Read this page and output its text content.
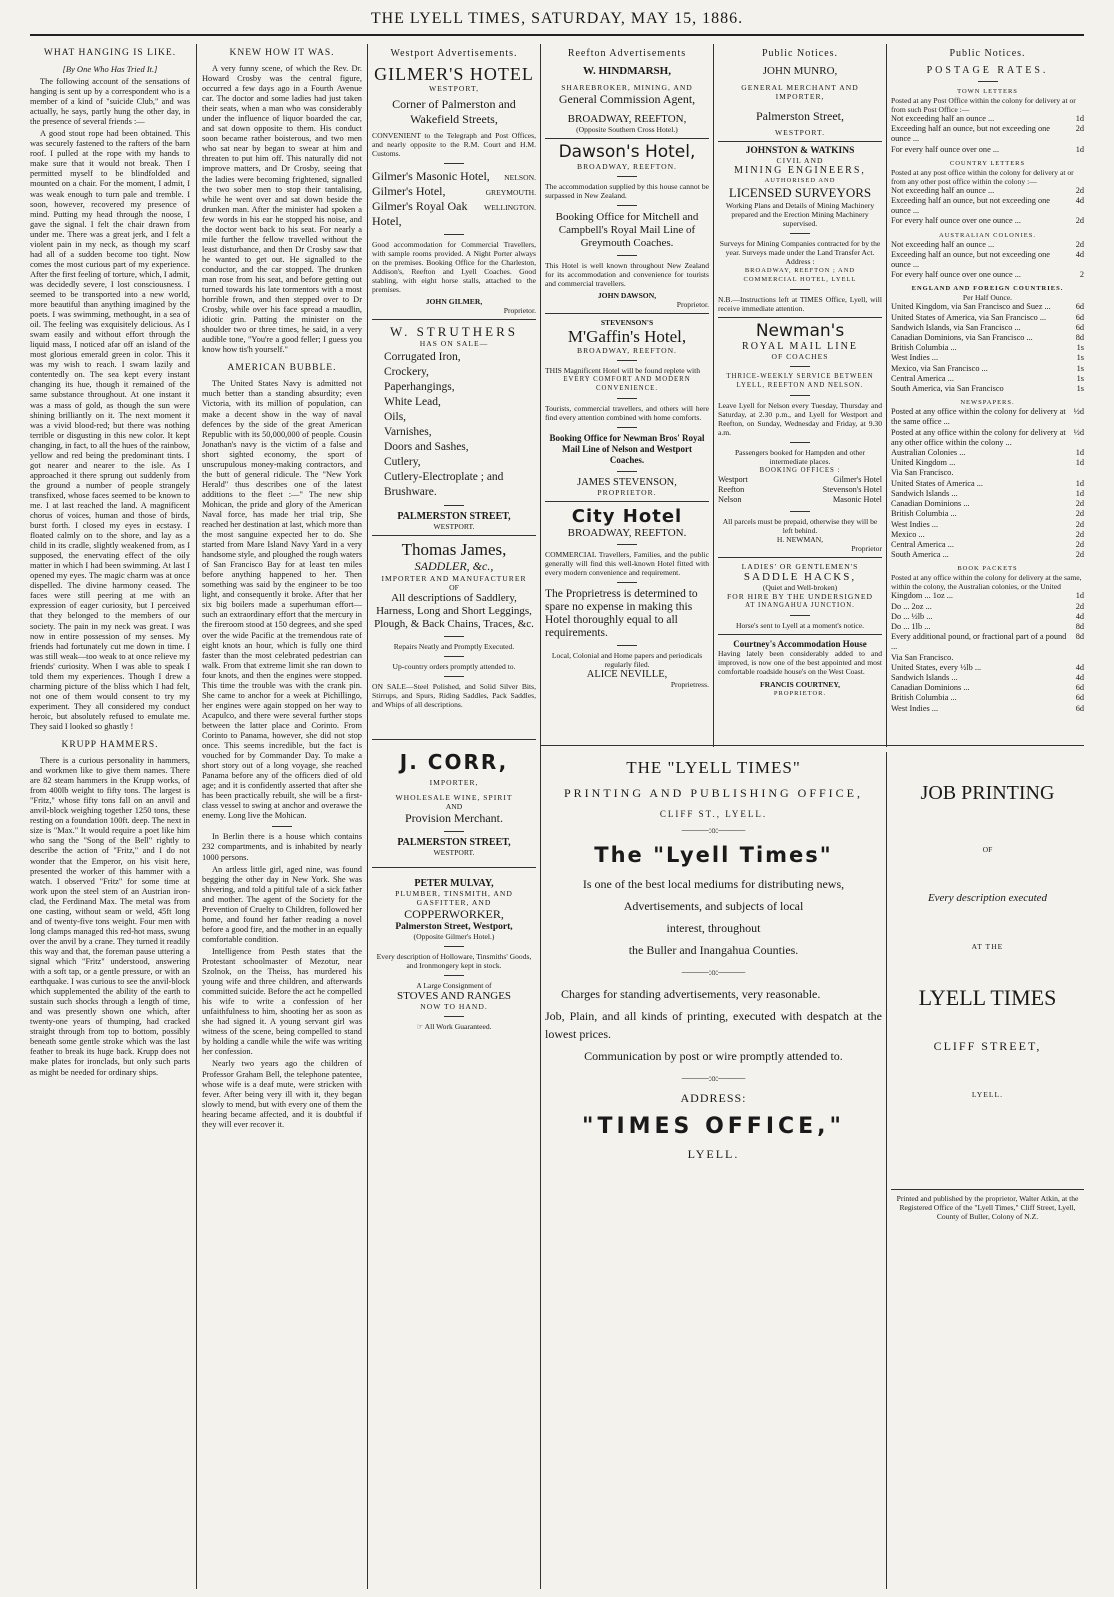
THE LYELL TIMES, SATURDAY, MAY 15, 1886.
WHAT HANGING IS LIKE.
[By One Who Has Tried It.]

The following account of the sensations of hanging is sent up by a correspondent who is a member of a kind of "suicide Club," and was actually, he says, partly hung the other day, in the presence of several friends :—

A good stout rope had been obtained. This was securely fastened to the rafters of the barn roof. I pulled at the rope with my hands to make sure that it would not break. Then I permitted myself to be blindfolded and mounted on a chair. For the moment, I admit, I was weak enough to turn pale and tremble. I soon, however, recovered my presence of mind. Putting my head through the noose, I gave the signal. I felt the chair drawn from under me. There was a great jerk, and I felt a violent pain in my neck, as though my scarf had all of a sudden become too tight. Now comes the most curious part of my experience. After the first feeling of torture, which, I admit, was decidedly severe, I lost consciousness. I seemed to be transported into a new world, more beautiful than anything imagined by the poets. I was swimming, methought, in a sea of oil. The feeling was exquisitely delicious. As I swam easily and without effort through the liquid mass, I noticed afar off an island of the most glorious emerald green in color. This it was my wish to reach. I swam lazily and contentedly on. The sea kept every instant changing its hue, though it remained of the same substance throughout. At one instant it was a mass of gold, as though the sun were shining brilliantly on it. The next moment it was a vivid blood-red; but there was nothing terrible or disgusting in this new color. It kept changing, in fact, to all the hues of the rainbow, yellow and red being the predominant tints. I got nearer and nearer to the isle. As I approached it there sprung out suddenly from the ground a number of people strangely transfixed, whose faces seemed to be known to me. I at last reached the land. A magnificent chorus of voices, human and those of birds, burst forth. I closed my eyes in ecstasy. I floated calmly on to the shore, and lay as a child in its cradle, slightly weakened from, as I supposed, the enervating effect of the oily matter in which I had been swimming. At last I opened my eyes. The magic charm was at once dispelled. The divine harmony ceased. The faces were still peering at me with an expression of eager curiosity, but I perceived that they belonged to the members of our society. The pain in my neck was great. I was now in entire possession of my senses. My friends had fortunately cut me down in time. I was still weak—too weak to at once relieve my friends' curiosity. When I was able to speak I told them my experiences. Though I drew a charming picture of the bliss which I had felt, not one of them would consent to try my experiment. They all considered my conduct heroic, but absolutely refused to emulate me. They said I looked so ghastly !

KRUPP HAMMERS.

There is a curious personality in hammers, and workmen like to give them names. There are 82 steam hammers in the Krupp works, of from 400lb weight to fifty tons. The largest is "Fritz," whose fifty tons fall on an anvil and anvil-block weighing together 1250 tons, these resting on a foundation 100ft. deep. The next in size is "Max." It would require a poet like him who sang the "Song of the Bell" rightly to describe the action of "Fritz," and I do not wonder that the Emperor, on his visit here, presented the worker of this hammer with a watch. I observed "Fritz" for some time at work upon the steel stem of an Austrian iron-clad, the Ferdinand Max. The metal was from one casting, without seam or weld, 45ft long and of twenty-five tons weight. Four men with long clamps managed this red-hot mass, swung over the anvil by a crane. They turned it readily this way and that, the foreman pause uttering a signal which "Fritz" understood, answering with a soft tap, or a gentle pressure, or with an earthquake. I was curious to see the anvil-block which supplemented the ability of the earth to sustain such shocks through a length of time, and was presently shown one which, after twenty-one years of thumping, had cracked straight through from top to bottom, possibly beneath some gentle stroke which was the last feather to break its huge back. Krupp does not make plates for ironclads, but only such parts as might be needed for ordinary ships.

KNEW HOW IT WAS.

A very funny scene, of which the Rev. Dr. Howard Crosby was the central figure, occurred a few days ago in a Fourth Avenue car. The doctor and some ladies had just taken their seats, when a man who was considerably under the influence of liquor boarded the car, and sat down opposite to them. His conduct soon became rather boisterous, and two men who sat near by began to swear at him and threaten to put him off. This naturally did not improve matters, and Dr Crosby, seeing that the ladies were becoming frightened, signalled the two sober men to stop their tantalising, while he went over and sat down beside the drunken man. After the minister had spoken a few words in his ear he stopped his noise, and the doctor went back to his seat. For nearly a mile further the fellow travelled without the least disturbance, and then Dr Crosby saw that he wanted to get out. He signalled to the conductor, and the car stopped. The drunken man rose from his seat, and before getting out turned towards his late tormentors with a most horrible frown, and then stepped over to Dr Crosby, while over his face spread a maudlin, idiotic grin. Patting the minister on the shoulder two or three times, he said, in a very audible tone, "You're a good feller; I guess you know how tis'h yourself."

AMERICAN BUBBLE.

The United States Navy is admitted not much better than a standing absurdity; even Victoria, with its million of population, can make a decent show in the way of naval defences by the side of the great American Republic with its 50,000,000 of people. Cousin Jonathan's navy is the victim of a false and short sighted economy, the sport of unscrupulous money-making contractors, and the butt of general ridicule. The "New York Herald" thus describes one of the latest additions to the fleet :—" The new ship Mohican, the pride and glory of the American Naval force, has made her trial trip, She reached her destination at last, which more than the most sanguine expected her to do. She started from Mare Island Navy Yard in a very handsome style, and ploughed the rough waters of San Francisco Bay for at least ten miles before anything happened to her. Then something was said by the engineer to be too light, and consequently it broke. After that her six big boilers made a superhuman effort—such an extraordinary effort that the mercury in the fireroom stood at 150 degrees, and she sped over the wide Pacific at the tremendous rate of eight knots an hour, which is fully one third faster than the most celebrated pedestrian can walk. From that extreme limit she ran down to four knots, and then the engines were stopped. This time the trouble was with the crank pin. She came to anchor for a week at Pichillingo, her engines were again stopped on her way to Acapulco, and there were several further stops between the latter place and Corinto. From Corinto to Panama, however, she did not stop once. This seems incredible, but the fact is vouched for by Commander Day. To make a short story out of a long voyage, she reached Panama before any of the officers died of old age; and it is confidently asserted that after she has been practically rebuilt, she will be a first-class vessel to swing at anchor and overawe the enemy. Long live the Mohican.

In Berlin there is a house which contains 232 compartments, and is inhabited by nearly 1000 persons.

An artless little girl, aged nine, was found begging the other day in New York. She was shivering, and told a pitiful tale of a sick father and mother. The agent of the Society for the Prevention of Cruelty to Children, followed her home, and found her father reading a novel before a good fire, and the mother in an equally comfortable condition.

Intelligence from Pesth states that the Protestant schoolmaster of Mezotur, near Szolnok, on the Theiss, has murdered his young wife and three children, and afterwards committed suicide. Before the act he compelled his wife to write a confession of her unfaithfulness to him, shooting her as soon as she had signed it. A young servant girl was witness of the scene, being compelled to stand by holding a candle while the wife was writing her confession.

Nearly two years ago the children of Professor Graham Bell, the telephone patentee, whose wife is a deaf mute, were stricken with fever. After being very ill with it, they began slowly to mend, but with every one of them the hearing became affected, and it is doubtful if they will ever recover it.

Westport Advertisements.
GILMER'S HOTEL
WESTPORT,
Corner of Palmerston and Wakefield Streets,
CONVENIENT to the Telegraph and Post Offices, and nearly opposite to the R.M. Court and H.M. Customs.
Gilmer's Masonic Hotel, NELSON.
Gilmer's Hotel,	GREYMOUTH.
Gilmer's Royal Oak Hotel,
WELLINGTON.
Good accommodation for Commercial Travellers, with sample rooms provided. A Night Porter always on the premises. Booking Office for the Charleston, Addison's, Reefton and Lyell Coaches. Good stabling, with eight horse stalls, attached to the premises.
JOHN GILMER,
Proprietor.
W. STRUTHERS
HAS ON SALE—
Corrugated Iron,
Crockery,
Paperhangings,
White Lead,
Oils,
Varnishes,
Doors and Sashes,
Cutlery,
Cutlery-Electroplate ; and
Brushware.
PALMERSTON STREET,
WESTPORT.
Thomas James,
SADDLER, &c.,
IMPORTER AND MANUFACTURER
OF
All descriptions of Saddlery, Harness, Long and Short Leggings, Plough, & Back Chains, Traces, &c.
Repairs Neatly and Promptly Executed.
Up-country orders promptly attended to.
ON SALE—Steel Polished, and Solid Silver Bits, Stirrups, and Spurs, Riding Saddles, Pack Saddles, and Whips of all descriptions.
J. CORR,
IMPORTER,
WHOLESALE WINE, SPIRIT
AND
Provision Merchant.
PALMERSTON STREET,
WESTPORT.
PETER MULVAY,
PLUMBER, TINSMITH, AND GASFITTER, AND
COPPERWORKER,
Palmerston Street, Westport,
(Opposite Gilmer's Hotel.)
Every description of Holloware, Tinsmiths' Goods, and Ironmongery kept in stock.
A Large Consignment of
STOVES AND RANGES
NOW TO HAND.
☞ All Work Guaranteed.
Reefton Advertisements
W. HINDMARSH,
SHAREBROKER, MINING, AND
General Commission Agent,
BROADWAY, REEFTON,
(Opposite Southern Cross Hotel.)
Dawson's Hotel,
BROADWAY, REEFTON.
The accommodation supplied by this house cannot be surpassed in New Zealand.
Booking Office for Mitchell and Campbell's Royal Mail Line of Greymouth Coaches.
This Hotel is well known throughout New Zealand for its accommodation and convenience for tourists and commercial travellers.
JOHN DAWSON,
Proprietor.
STEVENSON'S
M'Gaffin's Hotel,
BROADWAY, REEFTON.
THIS Magnificent Hotel will be found replete with
EVERY COMFORT AND MODERN CONVENIENCE.
Tourists, commercial travellers, and others will here find every attention combined with home comforts.
Booking Office for Newman Bros' Royal Mail Line of Nelson and Westport Coaches.
JAMES STEVENSON,
PROPRIETOR.
City Hotel
BROADWAY, REEFTON.
COMMERCIAL Travellers, Families, and the public generally will find this well-known Hotel fitted with every modern convenience and requirement.
The Proprietress is determined to spare no expense in making this Hotel thoroughly equal to all requirements.
Local, Colonial and Home papers and periodicals regularly filed.
ALICE NEVILLE,
Proprietress.
Public Notices.
JOHN MUNRO,
GENERAL MERCHANT AND IMPORTER,
Palmerston Street,
WESTPORT.
JOHNSTON & WATKINS
CIVIL AND
MINING ENGINEERS,
AUTHORISED AND
LICENSED SURVEYORS
Working Plans and Details of Mining Machinery prepared and the Erection Mining Machinery supervised.
Surveys for Mining Companies contracted for by the year. Surveys made under the Land Transfer Act.
Address :
BROADWAY, REEFTON ; AND COMMERCIAL HOTEL, LYELL
N.B.—Instructions left at TIMES Office, Lyell, will receive immediate attention.
Newman's
ROYAL MAIL LINE
OF COACHES
THRICE-WEEKLY SERVICE BETWEEN LYELL, REEFTON AND NELSON.
Leave Lyell for Nelson every Tuesday, Thursday and Saturday, at 2.30 p.m., and Lyell for Westport and Reefton, on Sunday, Wednesday and Friday, at 9.30 a.m.
Passengers booked for Hampden and other intermediate places.
BOOKING OFFICES :
Westport	Gilmer's Hotel
Reefton	Stevenson's Hotel
Nelson	Masonic Hotel
All parcels must be prepaid, otherwise they will be left behind.
H. NEWMAN,
Proprietor
LADIES' OR GENTLEMEN'S
SADDLE HACKS,
(Quiet and Well-broken)
FOR HIRE BY THE UNDERSIGNED
AT INANGAHUA JUNCTION.
Horse's sent to Lyell at a moment's notice.
Courtney's Accommodation House
Having lately been considerably added to and improved, is now one of the best appointed and most comfortable roadside house's on the West Coast.
FRANCIS COURTNEY,
PROPRIETOR.
Public Notices.
POSTAGE RATES.
TOWN LETTERS
Posted at any Post Office within the colony for delivery at or from such Post Office :—
Not exceeding half an ounce ...	1d
Exceeding half an ounce, but not exceeding one ounce ...
2d
For every half ounce over one ...	1d
COUNTRY LETTERS
Posted at any post office within the colony for delivery at or from any other post office within the colony :—
Not exceeding half an ounce ...	2d
Exceeding half an ounce, but not exceeding one ounce ...
4d
For every half ounce over one ounce ...	2d
AUSTRALIAN COLONIES.
Not exceeding half an ounce ...	2d
Exceeding half an ounce, but not exceeding one ounce ...
4d
For every half ounce over one ounce ...	2
ENGLAND AND FOREIGN COUNTRIES.
Per Half Ounce.
United Kingdom, via San Francisco and Suez ...	6d
United States of America, via San Francisco ...	6d
Sandwich Islands, via San Francisco ...	6d
Canadian Dominions, via San Francisco ...	8d
British Columbia ...	1s
West Indies ...	1s
Mexico, via San Francisco ...	1s
Central America ...	1s
South America, via San Francisco	1s
NEWSPAPERS.
Posted at any office within the colony for delivery at the same office ...
½d
Posted at any office within the colony for delivery at any other office within the colony ...
½d
Australian Colonies ...	1d
United Kingdom ...	1d
Via San Francisco.
United States of America ...	1d
Sandwich Islands ...	1d
Canadian Dominions ...	2d
British Columbia ...	2d
West Indies ...	2d
Mexico ...	2d
Central America ...	2d
South America ...	2d
BOOK PACKETS
Posted at any office within the colony for delivery at the same, within the colony, the Australian colonies, or the United
Kingdom ... 1oz ...	1d
Do ... 2oz ...	2d
Do ... ½lb ...	4d
Do ... 1lb ...	8d
Every additional pound, or fractional part of a pound ...
8d
Via San Francisco.
United States, every ½lb ...	4d
Sandwich Islands ...	4d
Canadian Dominions ...	6d
British Columbia ...	6d
West Indies ...	6d
THE "LYELL TIMES"
PRINTING AND PUBLISHING OFFICE,
CLIFF ST., LYELL.
———:o:———
The "Lyell Times"
Is one of the best local mediums for distributing news,
Advertisements, and subjects of local
interest, throughout
the Buller and Inangahua Counties.
———:o:———
Charges for standing advertisements, very reasonable.
Job, Plain, and all kinds of printing, executed with despatch at the lowest prices.
Communication by post or wire promptly attended to.
———:o:———
ADDRESS:
"TIMES OFFICE,"
LYELL.
JOB PRINTING
OF
Every description executed
AT THE
LYELL TIMES
CLIFF STREET,
LYELL.
Printed and published by the proprietor, Walter Atkin, at the Registered Office of the "Lyell Times," Cliff Street, Lyell, County of Buller, Colony of N.Z.
